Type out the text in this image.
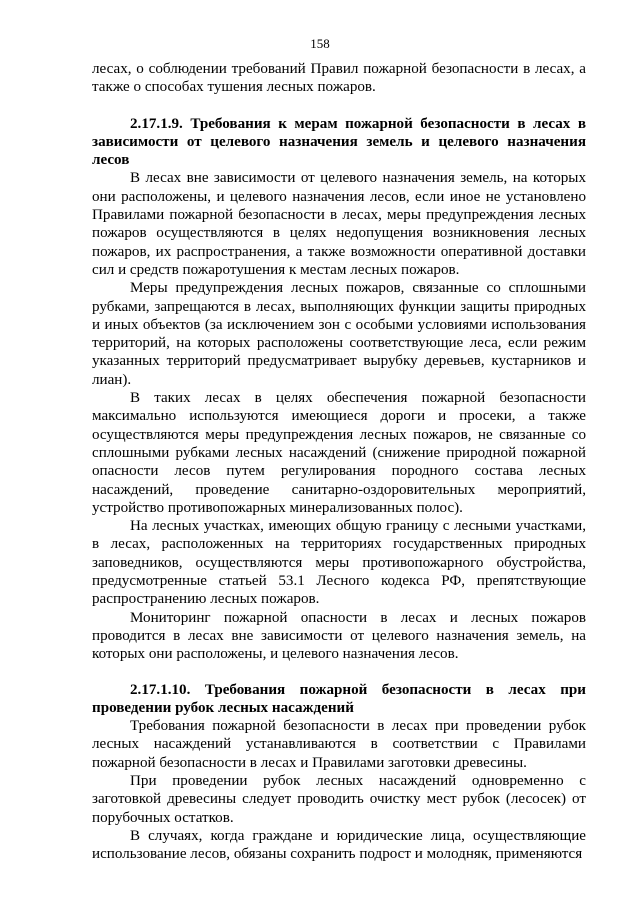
158

лесах, о соблюдении требований Правил пожарной безопасности в лесах, а также о способах тушения лесных пожаров.

2.17.1.9. Требования к мерам пожарной безопасности в лесах в зависимости от целевого назначения земель и целевого назначения лесов

В лесах вне зависимости от целевого назначения земель, на которых они расположены, и целевого назначения лесов, если иное не установлено Правилами пожарной безопасности в лесах, меры предупреждения лесных пожаров осуществляются в целях недопущения возникновения лесных пожаров, их распространения, а также возможности оперативной доставки сил и средств пожаротушения к местам лесных пожаров.

Меры предупреждения лесных пожаров, связанные со сплошными рубками, запрещаются в лесах, выполняющих функции защиты природных и иных объектов (за исключением зон с особыми условиями использования территорий, на которых расположены соответствующие леса, если режим указанных территорий предусматривает вырубку деревьев, кустарников и лиан).

В таких лесах в целях обеспечения пожарной безопасности максимально используются имеющиеся дороги и просеки, а также осуществляются меры предупреждения лесных пожаров, не связанные со сплошными рубками лесных насаждений (снижение природной пожарной опасности лесов путем регулирования породного состава лесных насаждений, проведение санитарно-оздоровительных мероприятий, устройство противопожарных минерализованных полос).

На лесных участках, имеющих общую границу с лесными участками, в лесах, расположенных на территориях государственных природных заповедников, осуществляются меры противопожарного обустройства, предусмотренные статьей 53.1 Лесного кодекса РФ, препятствующие распространению лесных пожаров.

Мониторинг пожарной опасности в лесах и лесных пожаров проводится в лесах вне зависимости от целевого назначения земель, на которых они расположены, и целевого назначения лесов.

2.17.1.10. Требования пожарной безопасности в лесах при проведении рубок лесных насаждений

Требования пожарной безопасности в лесах при проведении рубок лесных насаждений устанавливаются в соответствии с Правилами пожарной безопасности в лесах и Правилами заготовки древесины.

При проведении рубок лесных насаждений одновременно с заготовкой древесины следует проводить очистку мест рубок (лесосек) от порубочных остатков.

В случаях, когда граждане и юридические лица, осуществляющие использование лесов, обязаны сохранить подрост и молодняк, применяются
